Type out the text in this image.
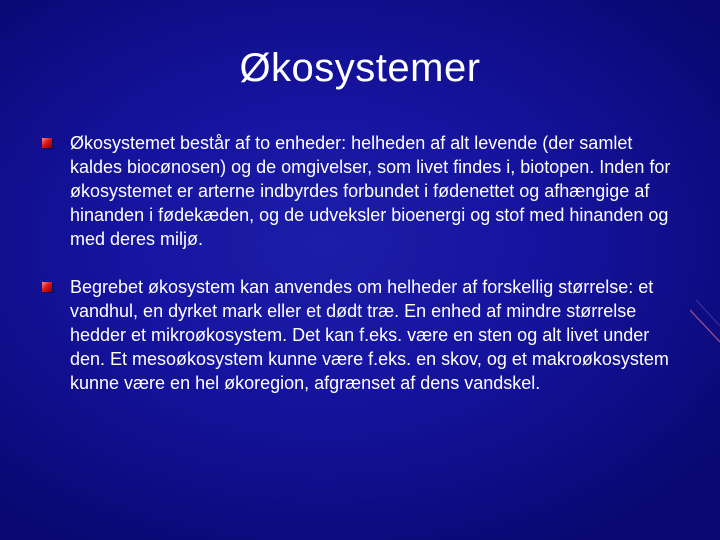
Økosystemer
Økosystemet består af to enheder: helheden af alt levende (der samlet kaldes biocønosen) og de omgivelser, som livet findes i, biotopen. Inden for økosystemet er arterne indbyrdes forbundet i fødenettet og afhængige af hinanden i fødekæden, og de udveksler bioenergi og stof med hinanden og med deres miljø.
Begrebet økosystem kan anvendes om helheder af forskellig størrelse: et vandhul, en dyrket mark eller et dødt træ. En enhed af mindre størrelse hedder et mikroøkosystem. Det kan f.eks. være en sten og alt livet under den. Et mesoøkosystem kunne være f.eks. en skov, og et makroøkosystem kunne være en hel økoregion, afgrænset af dens vandskel.
